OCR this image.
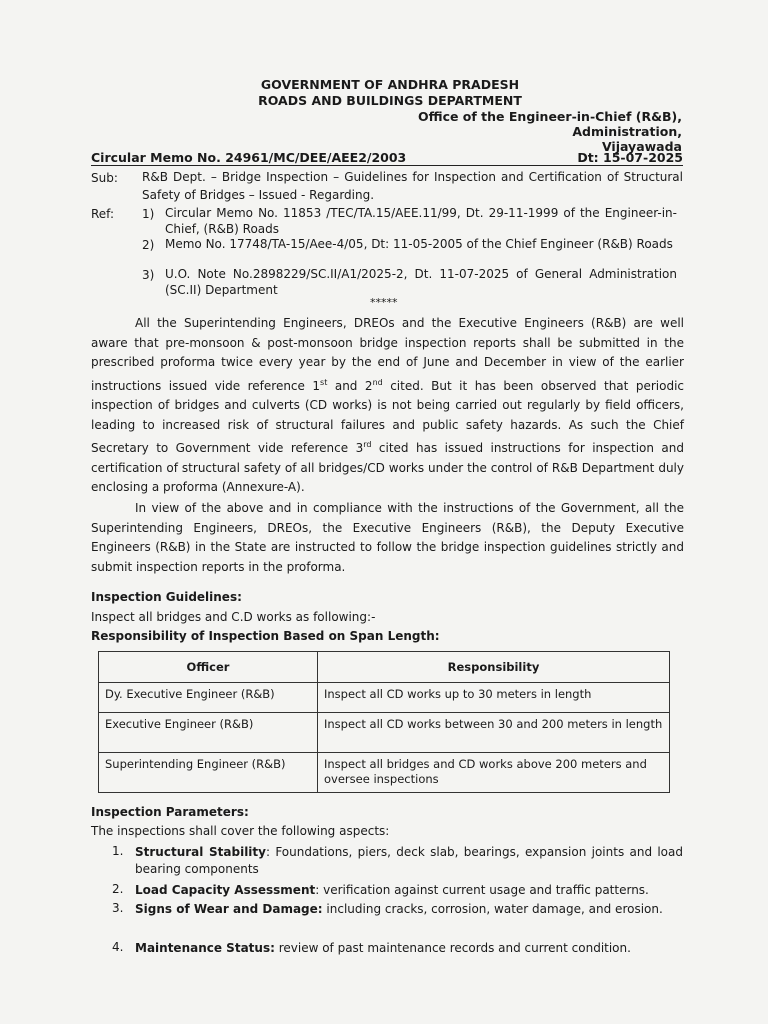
GOVERNMENT OF ANDHRA PRADESH
ROADS AND BUILDINGS DEPARTMENT
Office of the Engineer-in-Chief (R&B),
Administration,
Vijayawada
Circular Memo No. 24961/MC/DEE/AEE2/2003	Dt: 15-07-2025
Sub: R&B Dept. – Bridge Inspection – Guidelines for Inspection and Certification of Structural Safety of Bridges – Issued - Regarding.
Ref: 1) Circular Memo No. 11853 /TEC/TA.15/AEE.11/99, Dt. 29-11-1999 of the Engineer-in-Chief, (R&B) Roads
2) Memo No. 17748/TA-15/Aee-4/05, Dt: 11-05-2005 of the Chief Engineer (R&B) Roads
3) U.O. Note No.2898229/SC.II/A1/2025-2, Dt. 11-07-2025 of General Administration (SC.II) Department
*****
All the Superintending Engineers, DREOs and the Executive Engineers (R&B) are well aware that pre-monsoon & post-monsoon bridge inspection reports shall be submitted in the prescribed proforma twice every year by the end of June and December in view of the earlier instructions issued vide reference 1st and 2nd cited. But it has been observed that periodic inspection of bridges and culverts (CD works) is not being carried out regularly by field officers, leading to increased risk of structural failures and public safety hazards. As such the Chief Secretary to Government vide reference 3rd cited has issued instructions for inspection and certification of structural safety of all bridges/CD works under the control of R&B Department duly enclosing a proforma (Annexure-A).
In view of the above and in compliance with the instructions of the Government, all the Superintending Engineers, DREOs, the Executive Engineers (R&B), the Deputy Executive Engineers (R&B) in the State are instructed to follow the bridge inspection guidelines strictly and submit inspection reports in the proforma.
Inspection Guidelines:
Inspect all bridges and C.D works as following:-
Responsibility of Inspection Based on Span Length:
Officer	Responsibility
Dy. Executive Engineer (R&B)	Inspect all CD works up to 30 meters in length
Executive Engineer (R&B)	Inspect all CD works between 30 and 200 meters in length
Superintending Engineer (R&B)	Inspect all bridges and CD works above 200 meters and oversee inspections
Inspection Parameters:
The inspections shall cover the following aspects:
1. Structural Stability: Foundations, piers, deck slab, bearings, expansion joints and load bearing components
2. Load Capacity Assessment: verification against current usage and traffic patterns.
3. Signs of Wear and Damage: including cracks, corrosion, water damage, and erosion.
4. Maintenance Status: review of past maintenance records and current condition.
